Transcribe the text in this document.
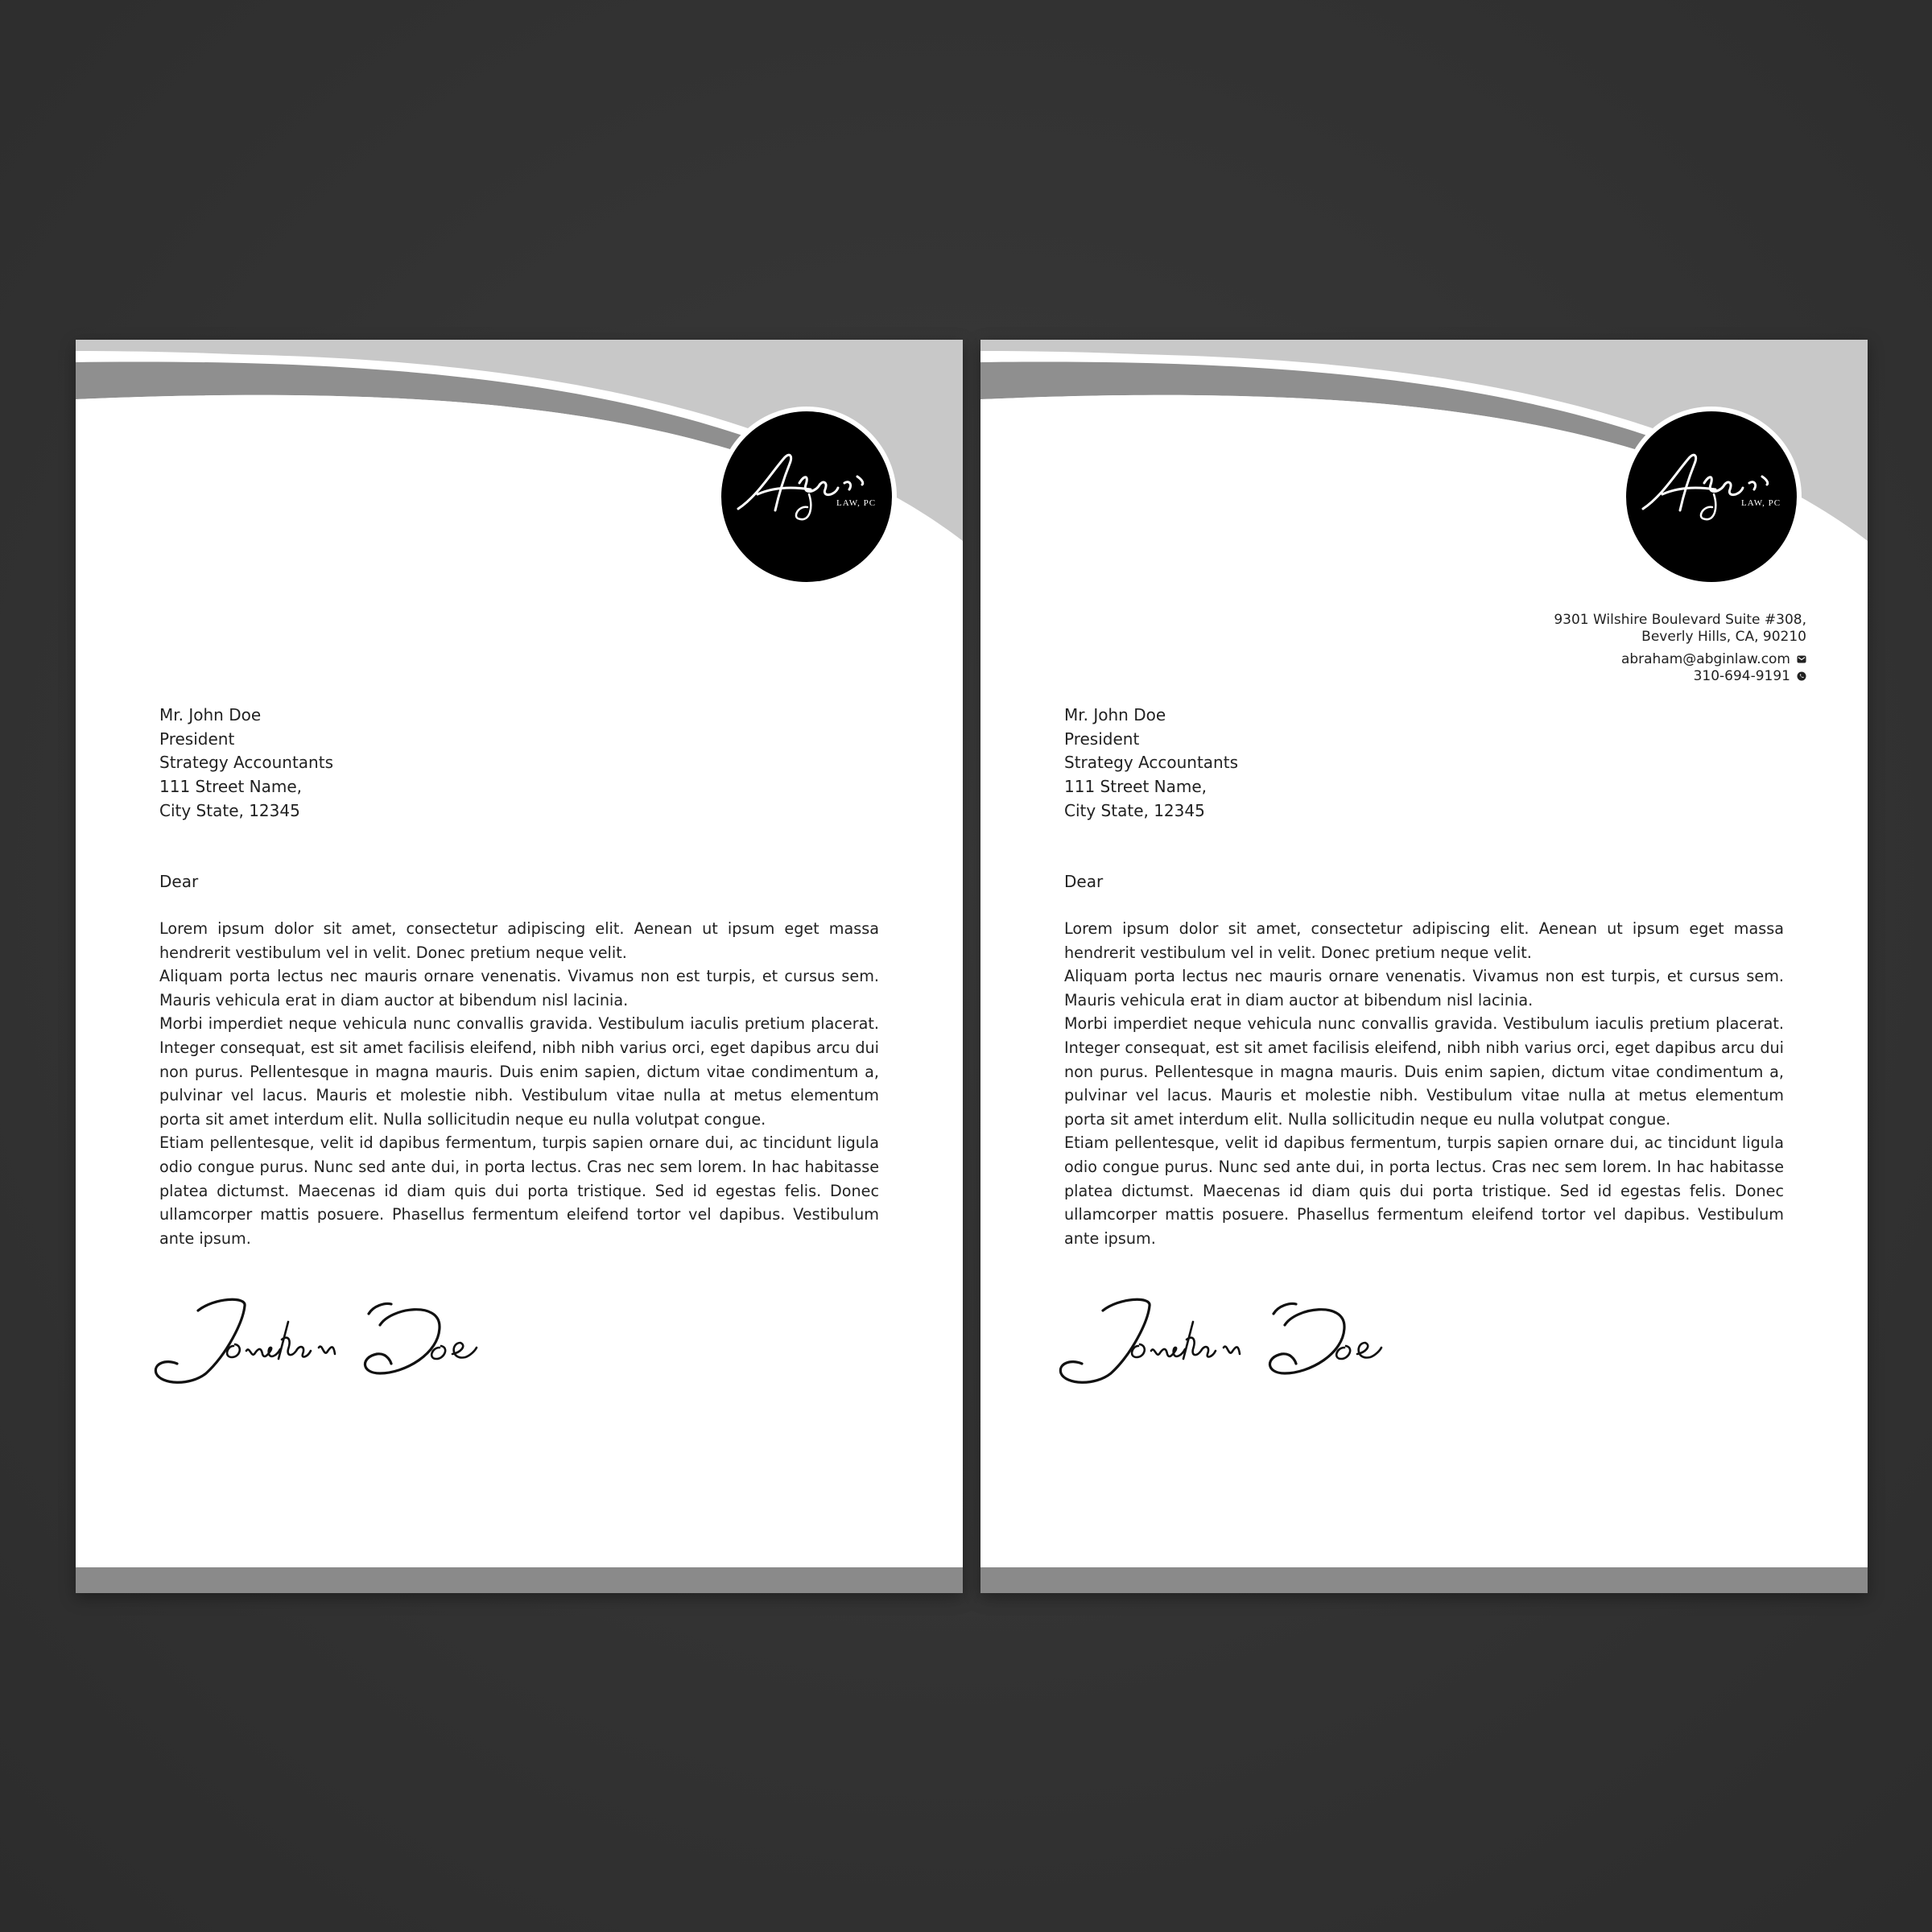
LAW, PC
Mr. John Doe
President
Strategy Accountants
111 Street Name,
City State, 12345
Dear

Lorem ipsum dolor sit amet, consectetur adipiscing elit. Aenean ut ipsum eget massa hendrerit vestibulum vel in velit. Donec pretium neque velit.

Aliquam porta lectus nec mauris ornare venenatis. Vivamus non est turpis, et cursus sem. Mauris vehicula erat in diam auctor at bibendum nisl lacinia.

Morbi imperdiet neque vehicula nunc convallis gravida. Vestibulum iaculis pretium placerat. Integer consequat, est sit amet facilisis eleifend, nibh nibh varius orci, eget dapibus arcu dui non purus. Pellentesque in magna mauris. Duis enim sapien, dictum vitae condimentum a, pulvinar vel lacus. Mauris et molestie nibh. Vestibulum vitae nulla at metus elementum porta sit amet interdum elit. Nulla sollicitudin neque eu nulla volutpat congue.

Etiam pellentesque, velit id dapibus fermentum, turpis sapien ornare dui, ac tincidunt ligula odio congue purus. Nunc sed ante dui, in porta lectus. Cras nec sem lorem. In hac habitasse platea dictumst. Maecenas id diam quis dui porta tristique. Sed id egestas felis. Donec ullamcorper mattis posuere. Phasellus fermentum eleifend tortor vel dapibus. Vestibulum ante ipsum.

LAW, PC
9301 Wilshire Boulevard Suite #308,
Beverly Hills, CA, 90210
abraham@abginlaw.com
310-694-9191
Mr. John Doe
President
Strategy Accountants
111 Street Name,
City State, 12345
Dear

Lorem ipsum dolor sit amet, consectetur adipiscing elit. Aenean ut ipsum eget massa hendrerit vestibulum vel in velit. Donec pretium neque velit.

Aliquam porta lectus nec mauris ornare venenatis. Vivamus non est turpis, et cursus sem. Mauris vehicula erat in diam auctor at bibendum nisl lacinia.

Morbi imperdiet neque vehicula nunc convallis gravida. Vestibulum iaculis pretium placerat. Integer consequat, est sit amet facilisis eleifend, nibh nibh varius orci, eget dapibus arcu dui non purus. Pellentesque in magna mauris. Duis enim sapien, dictum vitae condimentum a, pulvinar vel lacus. Mauris et molestie nibh. Vestibulum vitae nulla at metus elementum porta sit amet interdum elit. Nulla sollicitudin neque eu nulla volutpat congue.

Etiam pellentesque, velit id dapibus fermentum, turpis sapien ornare dui, ac tincidunt ligula odio congue purus. Nunc sed ante dui, in porta lectus. Cras nec sem lorem. In hac habitasse platea dictumst. Maecenas id diam quis dui porta tristique. Sed id egestas felis. Donec ullamcorper mattis posuere. Phasellus fermentum eleifend tortor vel dapibus. Vestibulum ante ipsum.
